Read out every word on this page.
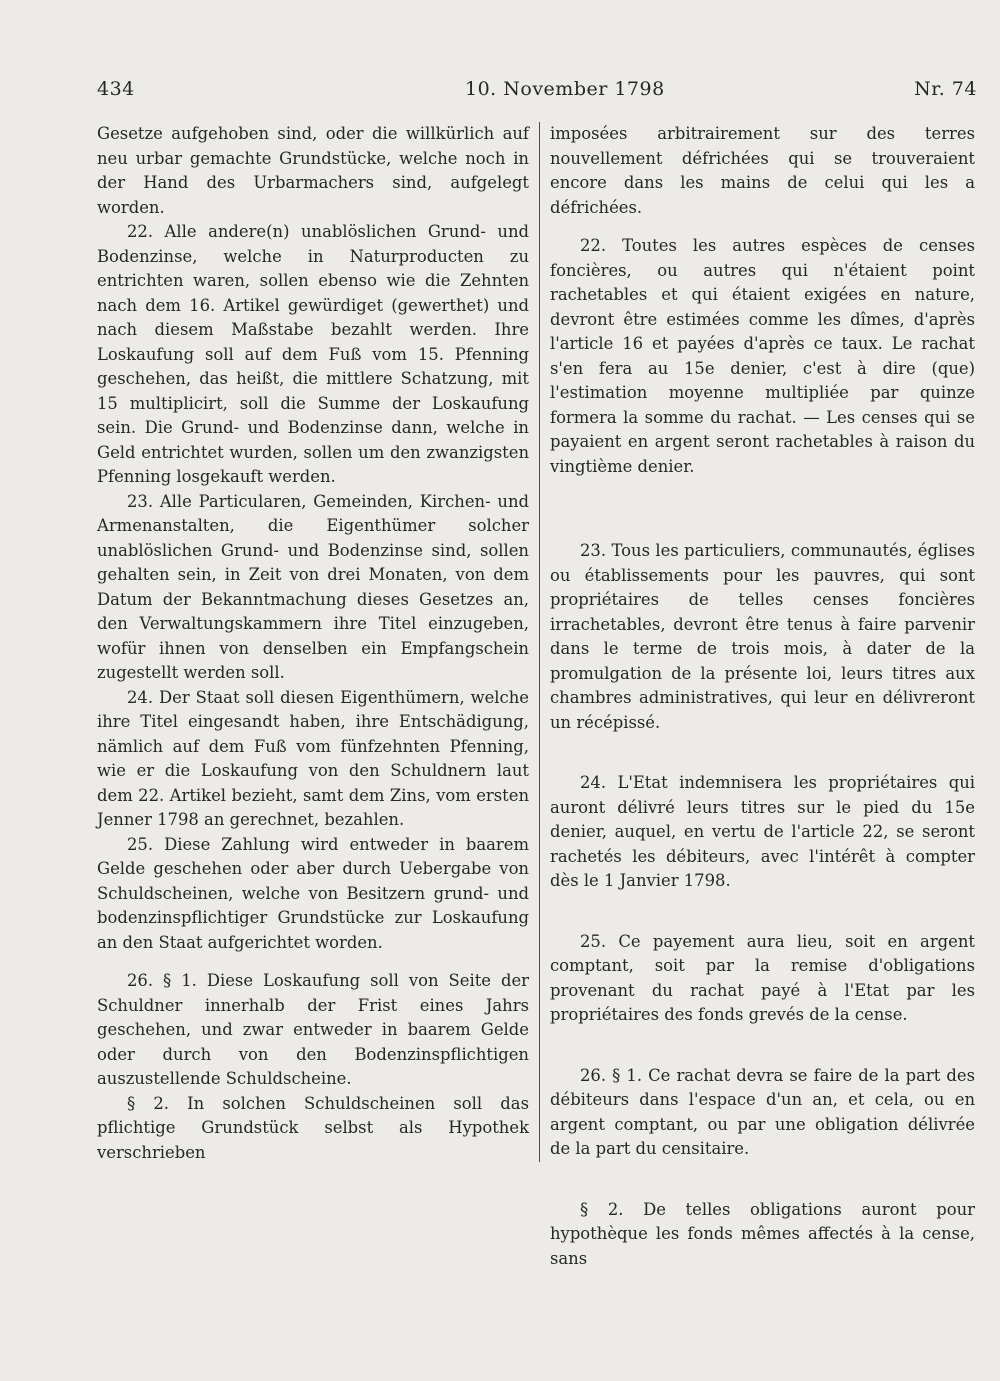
434	10. November 1798	Nr. 74

Gesetze aufgehoben sind, oder die willkürlich auf neu urbar gemachte Grundstücke, welche noch in der Hand des Urbarmachers sind, aufgelegt worden.

22. Alle andere(n) unablöslichen Grund- und Bodenzinse, welche in Naturproducten zu entrichten waren, sollen ebenso wie die Zehnten nach dem 16. Artikel gewürdiget (gewerthet) und nach diesem Maßstabe bezahlt werden. Ihre Loskaufung soll auf dem Fuß vom 15. Pfenning geschehen, das heißt, die mittlere Schatzung, mit 15 multiplicirt, soll die Summe der Loskaufung sein. Die Grund- und Bodenzinse dann, welche in Geld entrichtet wurden, sollen um den zwanzigsten Pfenning losgekauft werden.

23. Alle Particularen, Gemeinden, Kirchen- und Armenanstalten, die Eigenthümer solcher unablöslichen Grund- und Bodenzinse sind, sollen gehalten sein, in Zeit von drei Monaten, von dem Datum der Bekanntmachung dieses Gesetzes an, den Verwaltungskammern ihre Titel einzugeben, wofür ihnen von denselben ein Empfangschein zugestellt werden soll.

24. Der Staat soll diesen Eigenthümern, welche ihre Titel eingesandt haben, ihre Entschädigung, nämlich auf dem Fuß vom fünfzehnten Pfenning, wie er die Loskaufung von den Schuldnern laut dem 22. Artikel bezieht, samt dem Zins, vom ersten Jenner 1798 an gerechnet, bezahlen.

25. Diese Zahlung wird entweder in baarem Gelde geschehen oder aber durch Uebergabe von Schuldscheinen, welche von Besitzern grund- und bodenzinspflichtiger Grundstücke zur Loskaufung an den Staat aufgerichtet worden.

26. § 1. Diese Loskaufung soll von Seite der Schuldner innerhalb der Frist eines Jahrs geschehen, und zwar entweder in baarem Gelde oder durch von den Bodenzinspflichtigen auszustellende Schuldscheine.

§ 2. In solchen Schuldscheinen soll das pflichtige Grundstück selbst als Hypothek verschrieben

imposées arbitrairement sur des terres nouvellement défrichées qui se trouveraient encore dans les mains de celui qui les a défrichées.

22. Toutes les autres espèces de censes foncières, ou autres qui n'étaient point rachetables et qui étaient exigées en nature, devront être estimées comme les dîmes, d'après l'article 16 et payées d'après ce taux. Le rachat s'en fera au 15e denier, c'est à dire (que) l'estimation moyenne multipliée par quinze formera la somme du rachat. — Les censes qui se payaient en argent seront rachetables à raison du vingtième denier.

23. Tous les particuliers, communautés, églises ou établissements pour les pauvres, qui sont propriétaires de telles censes foncières irrachetables, devront être tenus à faire parvenir dans le terme de trois mois, à dater de la promulgation de la présente loi, leurs titres aux chambres administratives, qui leur en délivreront un récépissé.

24. L'Etat indemnisera les propriétaires qui auront délivré leurs titres sur le pied du 15e denier, auquel, en vertu de l'article 22, se seront rachetés les débiteurs, avec l'intérêt à compter dès le 1 Janvier 1798.

25. Ce payement aura lieu, soit en argent comptant, soit par la remise d'obligations provenant du rachat payé à l'Etat par les propriétaires des fonds grevés de la cense.

26. § 1. Ce rachat devra se faire de la part des débiteurs dans l'espace d'un an, et cela, ou en argent comptant, ou par une obligation délivrée de la part du censitaire.

§ 2. De telles obligations auront pour hypothèque les fonds mêmes affectés à la cense, sans
